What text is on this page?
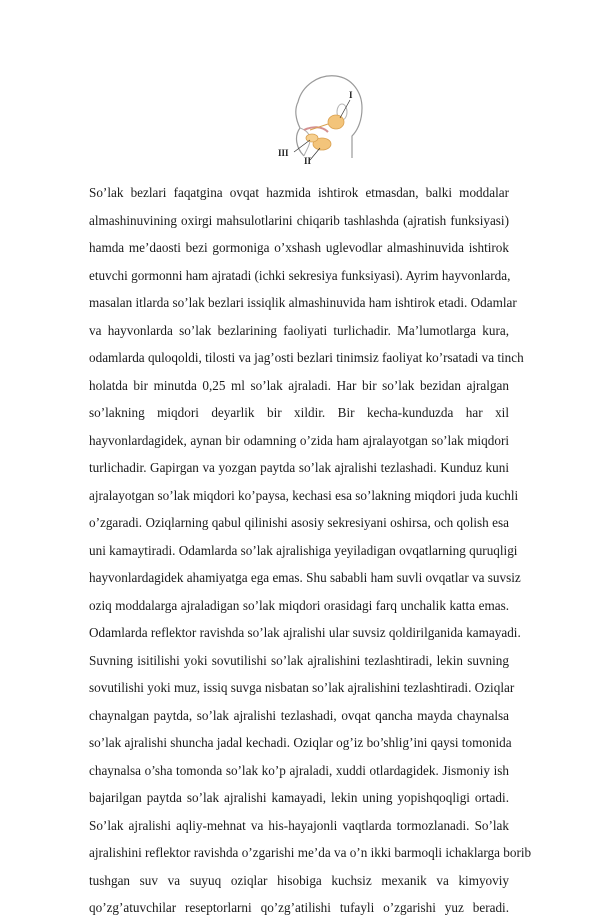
I
II
III
So’lak bezlari faqatgina ovqat hazmida ishtirok etmasdan, balki moddalar
almashinuvining oxirgi mahsulotlarini chiqarib tashlashda (ajratish funksiyasi)
hamda me’daosti bezi gormoniga o’xshash uglevodlar almashinuvida ishtirok
etuvchi gormonni ham ajratadi (ichki sekresiya funksiyasi). Ayrim hayvonlarda,
masalan itlarda so’lak bezlari issiqlik almashinuvida ham ishtirok etadi. Odamlar
va hayvonlarda so’lak bezlarining faoliyati turlichadir. Ma’lumotlarga kura,
odamlarda quloqoldi, tilosti va jag’osti bezlari tinimsiz faoliyat ko’rsatadi va tinch
holatda bir minutda 0,25 ml so’lak ajraladi. Har bir so’lak bezidan ajralgan
so’lakning miqdori deyarlik bir xildir. Bir kecha-kunduzda har xil
hayvonlardagidek, aynan bir odamning o’zida ham ajralayotgan so’lak miqdori
turlichadir. Gapirgan va yozgan paytda so’lak ajralishi tezlashadi. Kunduz kuni
ajralayotgan so’lak miqdori ko’paysa, kechasi esa so’lakning miqdori juda kuchli
o’zgaradi. Oziqlarning qabul qilinishi asosiy sekresiyani oshirsa, och qolish esa
uni kamaytiradi. Odamlarda so’lak ajralishiga yeyiladigan ovqatlarning quruqligi
hayvonlardagidek ahamiyatga ega emas. Shu sababli ham suvli ovqatlar va suvsiz
oziq moddalarga ajraladigan so’lak miqdori orasidagi farq unchalik katta emas.
Odamlarda reflektor ravishda so’lak ajralishi ular suvsiz qoldirilganida kamayadi.
Suvning isitilishi yoki sovutilishi so’lak ajralishini tezlashtiradi, lekin suvning
sovutilishi yoki muz, issiq suvga nisbatan so’lak ajralishini tezlashtiradi. Oziqlar
chaynalgan paytda, so’lak ajralishi tezlashadi, ovqat qancha mayda chaynalsa
so’lak ajralishi shuncha jadal kechadi. Oziqlar og’iz bo’shlig’ini qaysi tomonida
chaynalsa o’sha tomonda so’lak ko’p ajraladi, xuddi otlardagidek. Jismoniy ish
bajarilgan paytda so’lak ajralishi kamayadi, lekin uning yopishqoqligi ortadi.
So’lak ajralishi aqliy-mehnat va his-hayajonli vaqtlarda tormozlanadi. So’lak
ajralishini reflektor ravishda o’zgarishi me’da va o’n ikki barmoqli ichaklarga borib
tushgan suv va suyuq oziqlar hisobiga kuchsiz mexanik va kimyoviy
qo’zg’atuvchilar reseptorlarni qo’zg’atilishi tufayli o’zgarishi yuz beradi.
